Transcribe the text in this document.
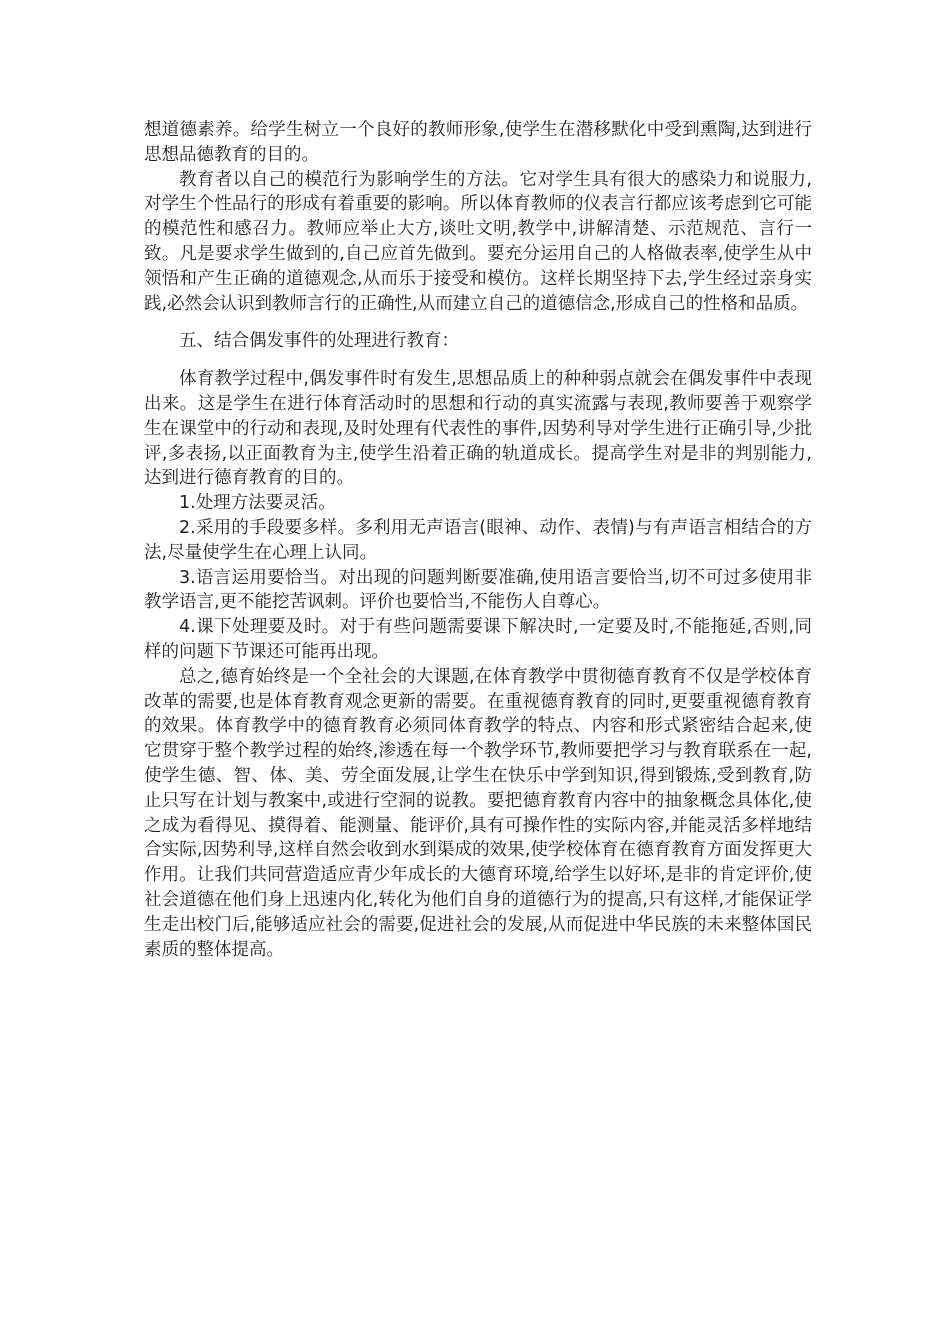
想道德素养。给学生树立一个良好的教师形象,使学生在潜移默化中受到熏陶,达到进行思想品德教育的目的。

教育者以自己的模范行为影响学生的方法。它对学生具有很大的感染力和说服力,对学生个性品行的形成有着重要的影响。所以体育教师的仪表言行都应该考虑到它可能的模范性和感召力。教师应举止大方,谈吐文明,教学中,讲解清楚、示范规范、言行一致。凡是要求学生做到的,自己应首先做到。要充分运用自己的人格做表率,使学生从中领悟和产生正确的道德观念,从而乐于接受和模仿。这样长期坚持下去,学生经过亲身实践,必然会认识到教师言行的正确性,从而建立自己的道德信念,形成自己的性格和品质。

五、结合偶发事件的处理进行教育：

体育教学过程中,偶发事件时有发生,思想品质上的种种弱点就会在偶发事件中表现出来。这是学生在进行体育活动时的思想和行动的真实流露与表现,教师要善于观察学生在课堂中的行动和表现,及时处理有代表性的事件,因势利导对学生进行正确引导,少批评,多表扬,以正面教育为主,使学生沿着正确的轨道成长。提高学生对是非的判别能力,达到进行德育教育的目的。

1.处理方法要灵活。

2.采用的手段要多样。多利用无声语言(眼神、动作、表情)与有声语言相结合的方法,尽量使学生在心理上认同。

3.语言运用要恰当。对出现的问题判断要准确,使用语言要恰当,切不可过多使用非教学语言,更不能挖苦讽刺。评价也要恰当,不能伤人自尊心。

4.课下处理要及时。对于有些问题需要课下解决时,一定要及时,不能拖延,否则,同样的问题下节课还可能再出现。

总之,德育始终是一个全社会的大课题,在体育教学中贯彻德育教育不仅是学校体育改革的需要,也是体育教育观念更新的需要。在重视德育教育的同时,更要重视德育教育的效果。体育教学中的德育教育必须同体育教学的特点、内容和形式紧密结合起来,使它贯穿于整个教学过程的始终,渗透在每一个教学环节,教师要把学习与教育联系在一起,使学生德、智、体、美、劳全面发展,让学生在快乐中学到知识,得到锻炼,受到教育,防止只写在计划与教案中,或进行空洞的说教。要把德育教育内容中的抽象概念具体化,使之成为看得见、摸得着、能测量、能评价,具有可操作性的实际内容,并能灵活多样地结合实际,因势利导,这样自然会收到水到渠成的效果,使学校体育在德育教育方面发挥更大作用。让我们共同营造适应青少年成长的大德育环境,给学生以好坏,是非的肯定评价,使社会道德在他们身上迅速内化,转化为他们自身的道德行为的提高,只有这样,才能保证学生走出校门后,能够适应社会的需要,促进社会的发展,从而促进中华民族的未来整体国民素质的整体提高。
